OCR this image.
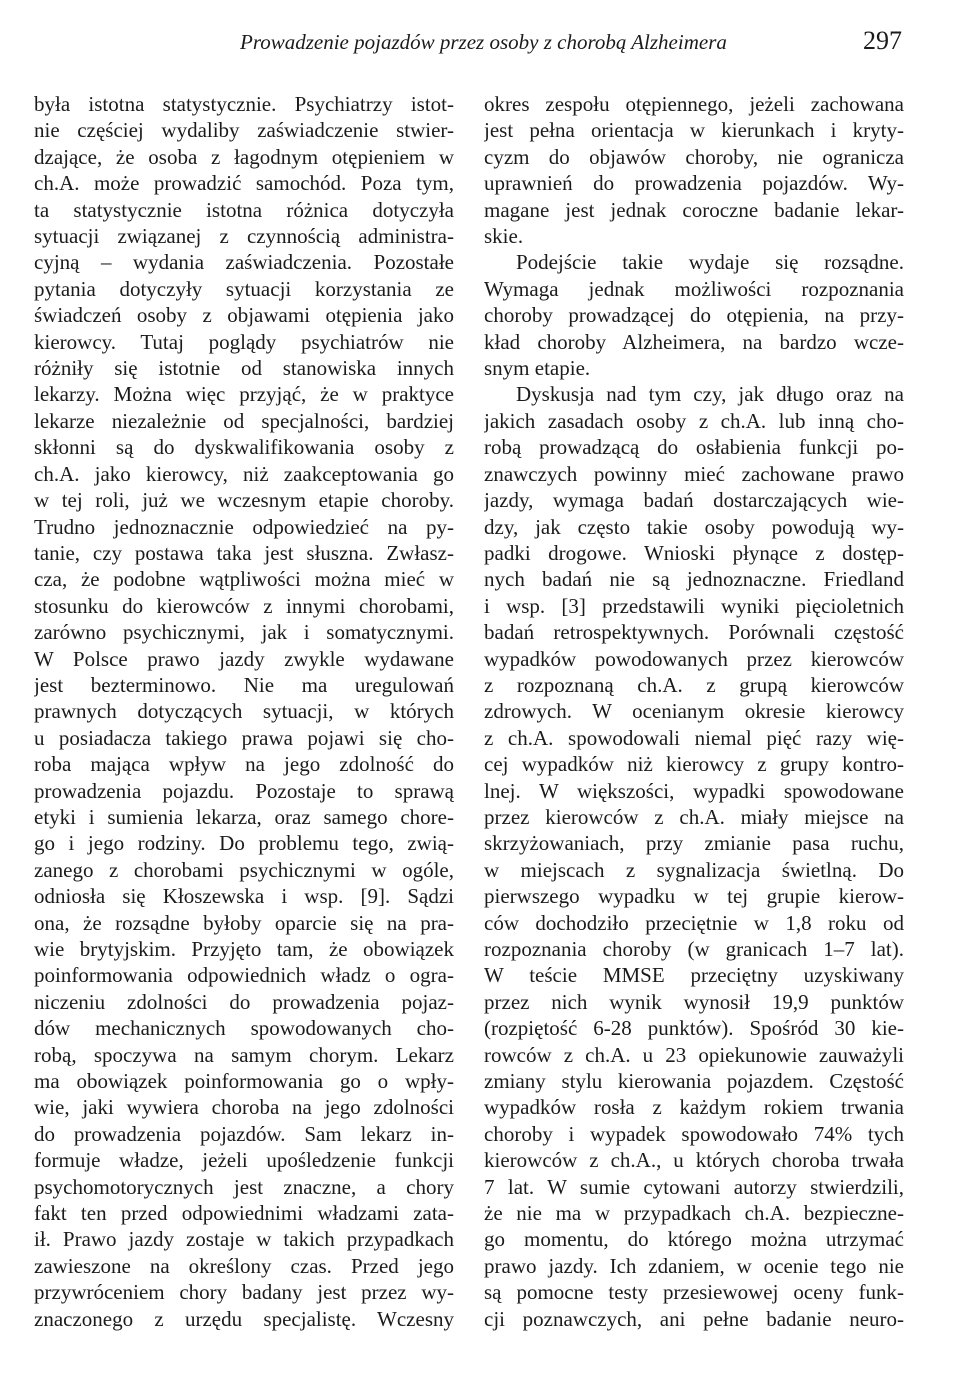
Prowadzenie pojazdów przez osoby z chorobą Alzheimera	297
była istotna statystycznie. Psychiatrzy istot-
nie częściej wydaliby zaświadczenie stwier-
dzające, że osoba z łagodnym otępieniem w
ch.A. może prowadzić samochód. Poza tym,
ta statystycznie istotna różnica dotyczyła
sytuacji związanej z czynnością administra-
cyjną – wydania zaświadczenia. Pozostałe
pytania dotyczyły sytuacji korzystania ze
świadczeń osoby z objawami otępienia jako
kierowcy. Tutaj poglądy psychiatrów nie
różniły się istotnie od stanowiska innych
lekarzy. Można więc przyjąć, że w praktyce
lekarze niezależnie od specjalności, bardziej
skłonni są do dyskwalifikowania osoby z
ch.A. jako kierowcy, niż zaakceptowania go
w tej roli, już we wczesnym etapie choroby.
Trudno jednoznacznie odpowiedzieć na py-
tanie, czy postawa taka jest słuszna. Zwłasz-
cza, że podobne wątpliwości można mieć w
stosunku do kierowców z innymi chorobami,
zarówno psychicznymi, jak i somatycznymi.
W Polsce prawo jazdy zwykle wydawane
jest bezterminowo. Nie ma uregulowań
prawnych dotyczących sytuacji, w których
u posiadacza takiego prawa pojawi się cho-
roba mająca wpływ na jego zdolność do
prowadzenia pojazdu. Pozostaje to sprawą
etyki i sumienia lekarza, oraz samego chore-
go i jego rodziny. Do problemu tego, zwią-
zanego z chorobami psychicznymi w ogóle,
odniosła się Kłoszewska i wsp. [9]. Sądzi
ona, że rozsądne byłoby oparcie się na pra-
wie brytyjskim. Przyjęto tam, że obowiązek
poinformowania odpowiednich władz o ogra-
niczeniu zdolności do prowadzenia pojaz-
dów mechanicznych spowodowanych cho-
robą, spoczywa na samym chorym. Lekarz
ma obowiązek poinformowania go o wpły-
wie, jaki wywiera choroba na jego zdolności
do prowadzenia pojazdów. Sam lekarz in-
formuje władze, jeżeli upośledzenie funkcji
psychomotorycznych jest znaczne, a chory
fakt ten przed odpowiednimi władzami zata-
ił. Prawo jazdy zostaje w takich przypadkach
zawieszone na określony czas. Przed jego
przywróceniem chory badany jest przez wy-
znaczonego z urzędu specjalistę. Wczesny
okres zespołu otępiennego, jeżeli zachowana
jest pełna orientacja w kierunkach i kryty-
cyzm do objawów choroby, nie ogranicza
uprawnień do prowadzenia pojazdów. Wy-
magane jest jednak coroczne badanie lekar-
skie.
Podejście takie wydaje się rozsądne.
Wymaga jednak możliwości rozpoznania
choroby prowadzącej do otępienia, na przy-
kład choroby Alzheimera, na bardzo wcze-
snym etapie.
Dyskusja nad tym czy, jak długo oraz na
jakich zasadach osoby z ch.A. lub inną cho-
robą prowadzącą do osłabienia funkcji po-
znawczych powinny mieć zachowane prawo
jazdy, wymaga badań dostarczających wie-
dzy, jak często takie osoby powodują wy-
padki drogowe. Wnioski płynące z dostęp-
nych badań nie są jednoznaczne. Friedland
i wsp. [3] przedstawili wyniki pięcioletnich
badań retrospektywnych. Porównali częstość
wypadków powodowanych przez kierowców
z rozpoznaną ch.A. z grupą kierowców
zdrowych. W ocenianym okresie kierowcy
z ch.A. spowodowali niemal pięć razy wię-
cej wypadków niż kierowcy z grupy kontro-
lnej. W większości, wypadki spowodowane
przez kierowców z ch.A. miały miejsce na
skrzyżowaniach, przy zmianie pasa ruchu,
w miejscach z sygnalizacja świetlną. Do
pierwszego wypadku w tej grupie kierow-
ców dochodziło przeciętnie w 1,8 roku od
rozpoznania choroby (w granicach 1–7 lat).
W teście MMSE przeciętny uzyskiwany
przez nich wynik wynosił 19,9 punktów
(rozpiętość 6-28 punktów). Spośród 30 kie-
rowców z ch.A. u 23 opiekunowie zauważyli
zmiany stylu kierowania pojazdem. Częstość
wypadków rosła z każdym rokiem trwania
choroby i wypadek spowodowało 74% tych
kierowców z ch.A., u których choroba trwała
7 lat. W sumie cytowani autorzy stwierdzili,
że nie ma w przypadkach ch.A. bezpieczne-
go momentu, do którego można utrzymać
prawo jazdy. Ich zdaniem, w ocenie tego nie
są pomocne testy przesiewowej oceny funk-
cji poznawczych, ani pełne badanie neuro-
